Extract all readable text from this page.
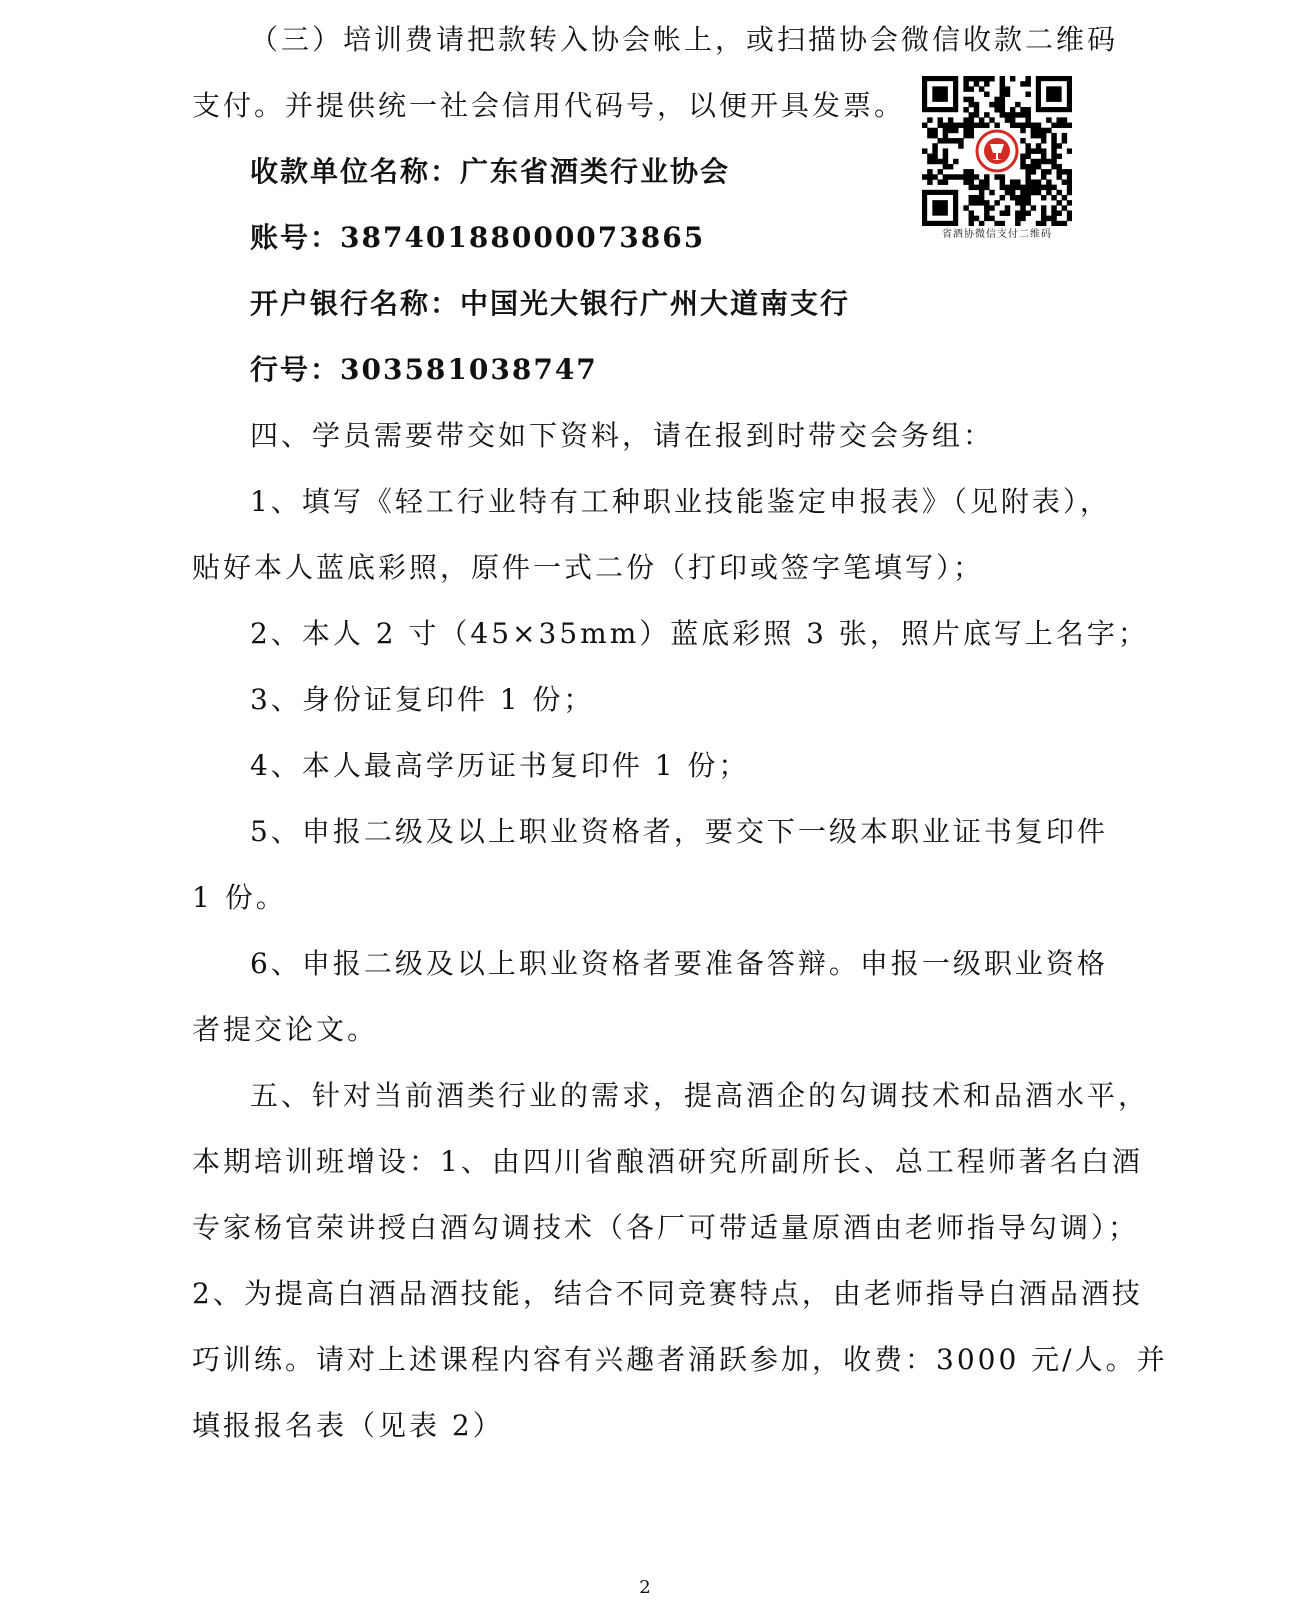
（三）培训费请把款转入协会帐上，或扫描协会微信收款二维码
支付。并提供统一社会信用代码号，以便开具发票。
收款单位名称：广东省酒类行业协会
账号：38740188000073865
开户银行名称：中国光大银行广州大道南支行
行号：303581038747
省酒协微信支付二维码
四、学员需要带交如下资料，请在报到时带交会务组：
1、填写《轻工行业特有工种职业技能鉴定申报表》（见附表），
贴好本人蓝底彩照，原件一式二份（打印或签字笔填写）；
2、本人 2 寸（45×35mm）蓝底彩照 3 张，照片底写上名字；
3、身份证复印件 1 份；
4、本人最高学历证书复印件 1 份；
5、申报二级及以上职业资格者，要交下一级本职业证书复印件
1 份。
6、申报二级及以上职业资格者要准备答辩。申报一级职业资格
者提交论文。
五、针对当前酒类行业的需求，提高酒企的勾调技术和品酒水平，
本期培训班增设：1、由四川省酿酒研究所副所长、总工程师著名白酒
专家杨官荣讲授白酒勾调技术（各厂可带适量原酒由老师指导勾调）；
2、为提高白酒品酒技能，结合不同竞赛特点，由老师指导白酒品酒技
巧训练。请对上述课程内容有兴趣者涌跃参加，收费：3000 元/人。并
填报报名表（见表 2）
2
